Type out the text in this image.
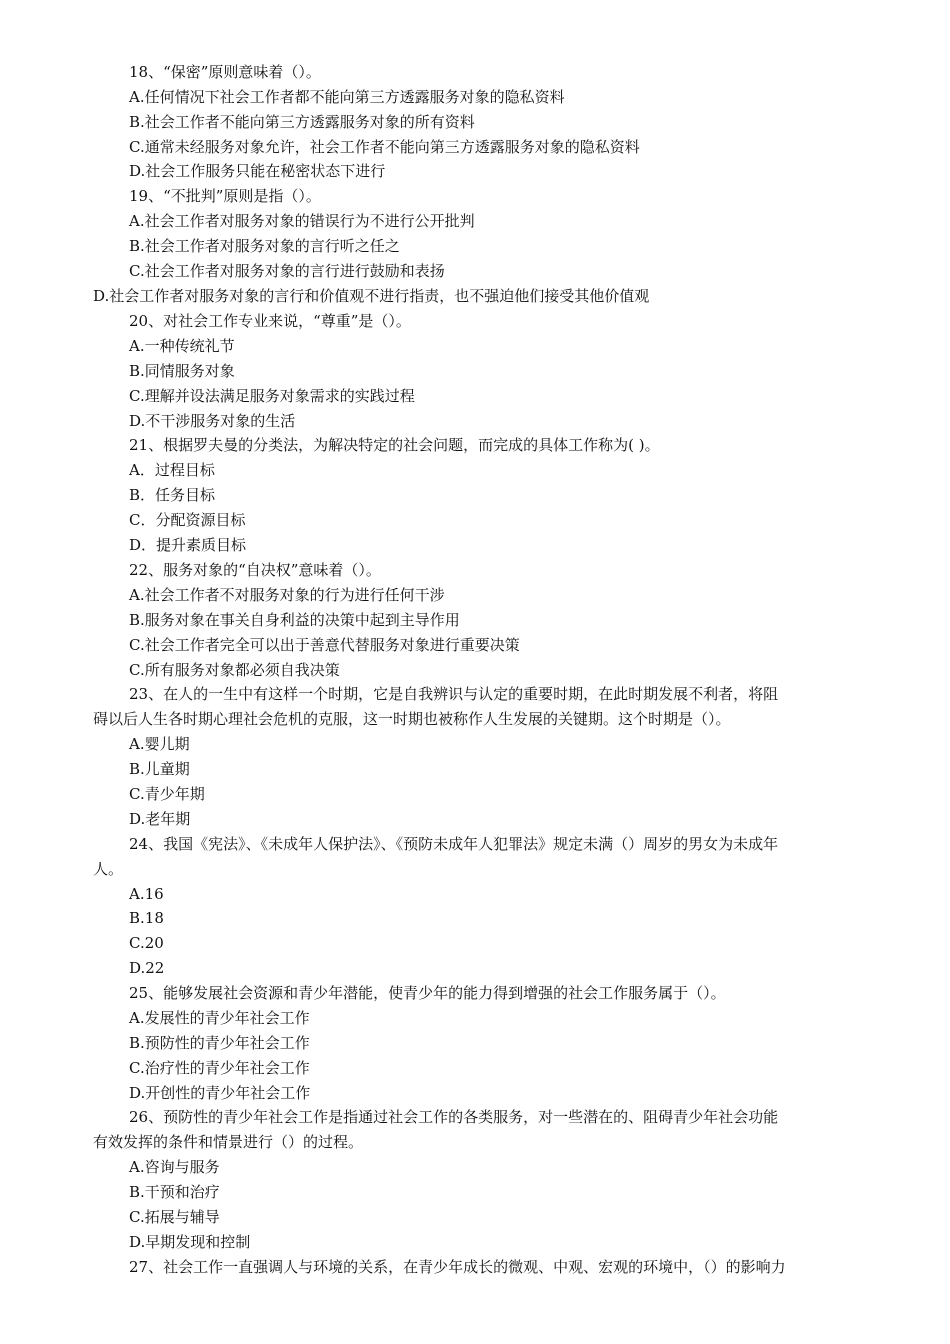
18、“保密”原则意味着（）。
A.任何情况下社会工作者都不能向第三方透露服务对象的隐私资料
B.社会工作者不能向第三方透露服务对象的所有资料
C.通常未经服务对象允许，社会工作者不能向第三方透露服务对象的隐私资料
D.社会工作服务只能在秘密状态下进行
19、“不批判”原则是指（）。
A.社会工作者对服务对象的错误行为不进行公开批判
B.社会工作者对服务对象的言行听之任之
C.社会工作者对服务对象的言行进行鼓励和表扬
D.社会工作者对服务对象的言行和价值观不进行指责，也不强迫他们接受其他价值观
20、对社会工作专业来说，“尊重”是（）。
A.一种传统礼节
B.同情服务对象
C.理解并设法满足服务对象需求的实践过程
D.不干涉服务对象的生活
21、根据罗夫曼的分类法，为解决特定的社会问题，而完成的具体工作称为( )。
A．过程目标
B．任务目标
C．分配资源目标
D．提升素质目标
22、服务对象的“自决权”意味着（）。
A.社会工作者不对服务对象的行为进行任何干涉
B.服务对象在事关自身利益的决策中起到主导作用
C.社会工作者完全可以出于善意代替服务对象进行重要决策
C.所有服务对象都必须自我决策
23、在人的一生中有这样一个时期，它是自我辨识与认定的重要时期，在此时期发展不利者，将阻
碍以后人生各时期心理社会危机的克服，这一时期也被称作人生发展的关键期。这个时期是（）。
A.婴儿期
B.儿童期
C.青少年期
D.老年期
24、我国《宪法》、《未成年人保护法》、《预防未成年人犯罪法》规定未满（）周岁的男女为未成年
人。
A.16
B.18
C.20
D.22
25、能够发展社会资源和青少年潜能，使青少年的能力得到增强的社会工作服务属于（）。
A.发展性的青少年社会工作
B.预防性的青少年社会工作
C.治疗性的青少年社会工作
D.开创性的青少年社会工作
26、预防性的青少年社会工作是指通过社会工作的各类服务，对一些潜在的、阻碍青少年社会功能
有效发挥的条件和情景进行（）的过程。
A.咨询与服务
B.干预和治疗
C.拓展与辅导
D.早期发现和控制
27、社会工作一直强调人与环境的关系，在青少年成长的微观、中观、宏观的环境中，（）的影响力
